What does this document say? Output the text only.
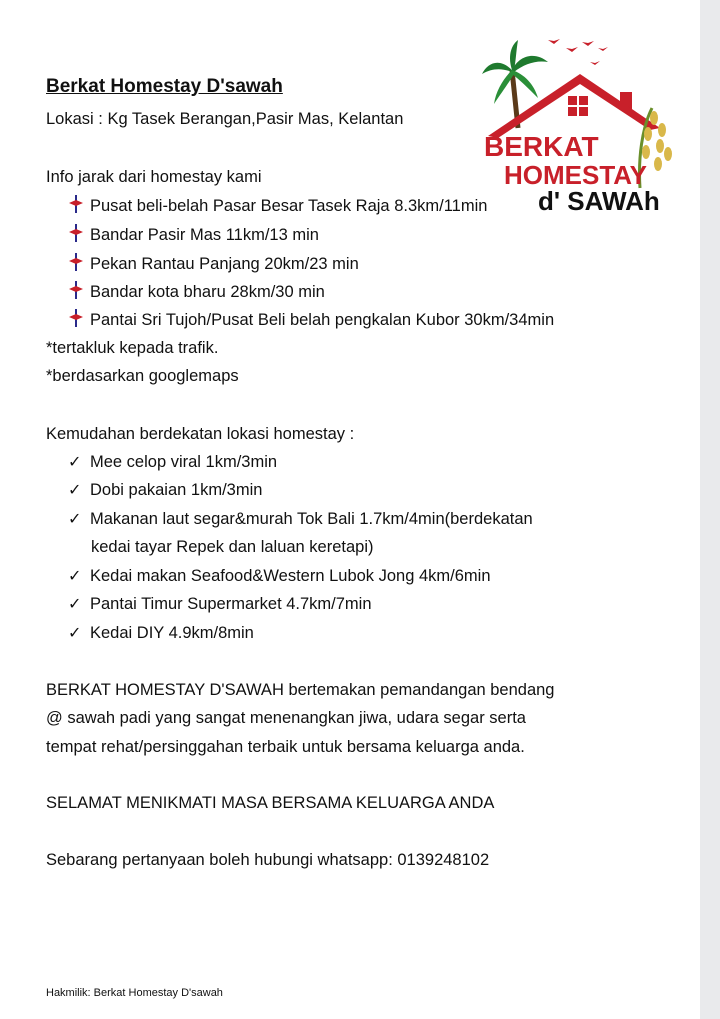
BERKAT
HOMESTAY
d' SAWAh
Berkat Homestay D'sawah
Lokasi : Kg Tasek Berangan,Pasir Mas, Kelantan
Info jarak dari homestay kami
Pusat beli-belah Pasar Besar Tasek Raja 8.3km/11min
Bandar Pasir Mas 11km/13 min
Pekan Rantau Panjang 20km/23 min
Bandar kota bharu 28km/30 min
Pantai Sri Tujoh/Pusat Beli belah pengkalan Kubor 30km/34min
*tertakluk kepada trafik.
*berdasarkan googlemaps
Kemudahan berdekatan lokasi homestay :
✓ Mee celop viral 1km/3min
✓ Dobi pakaian 1km/3min
✓ Makanan laut segar&murah Tok Bali 1.7km/4min(berdekatan
kedai tayar Repek dan laluan keretapi)
✓ Kedai makan Seafood&Western Lubok Jong 4km/6min
✓ Pantai Timur Supermarket 4.7km/7min
✓ Kedai DIY 4.9km/8min
BERKAT HOMESTAY D'SAWAH bertemakan pemandangan bendang
@ sawah padi yang sangat menenangkan jiwa, udara segar serta
tempat rehat/persinggahan terbaik untuk bersama keluarga anda.
SELAMAT MENIKMATI MASA BERSAMA KELUARGA ANDA
Sebarang pertanyaan boleh hubungi whatsapp: 0139248102
Hakmilik: Berkat Homestay D'sawah
